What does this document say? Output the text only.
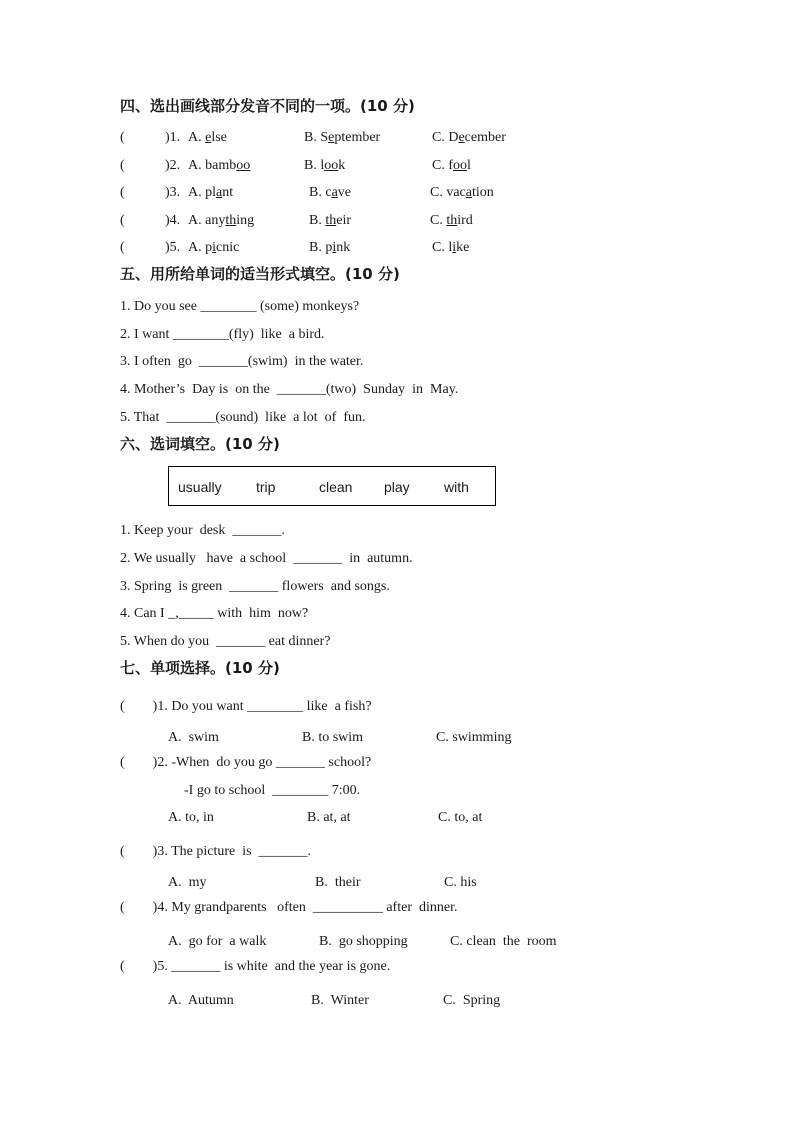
四、选出画线部分发音不同的一项。(10 分)
(	)1. A. else	B. September	C. December
(	)2. A. bamboo	B. look	C. fool
(	)3. A. plant	B. cave	C. vacation
(	)4. A. anything	B. their	C. third
(	)5. A. picnic	B. pink	C. like
五、用所给单词的适当形式填空。(10 分)
1. Do you see ________ (some) monkeys?
2. I want ________(fly)  like  a bird.
3. I often  go  _______(swim)  in the water.
4. Mother’s  Day is  on the  _______(two)  Sunday  in  May.
5. That  _______(sound)  like  a lot  of  fun.
六、选词填空。(10 分)
usually trip	clean play with
1. Keep your  desk  _______.
2. We usually   have  a school  _______  in  autumn.
3. Spring  is green  _______ flowers  and songs.
4. Can I _,_____ with  him  now?
5. When do you  _______ eat dinner?
七、单项选择。(10 分)
(        )1. Do you want ________ like  a fish?
A.  swim	B. to swim	C. swimming
(        )2. -When  do you go _______ school?
-I go to school  ________ 7:00.
A. to, in	B. at, at	C. to, at
(        )3. The picture  is  _______.
A.  my	B.  their	C. his
(        )4. My grandparents   often  __________ after  dinner.
A.  go for  a walk	B.  go shopping	C. clean  the  room
(        )5. _______ is white  and the year is gone.
A.  Autumn	B.  Winter	C.  Spring
